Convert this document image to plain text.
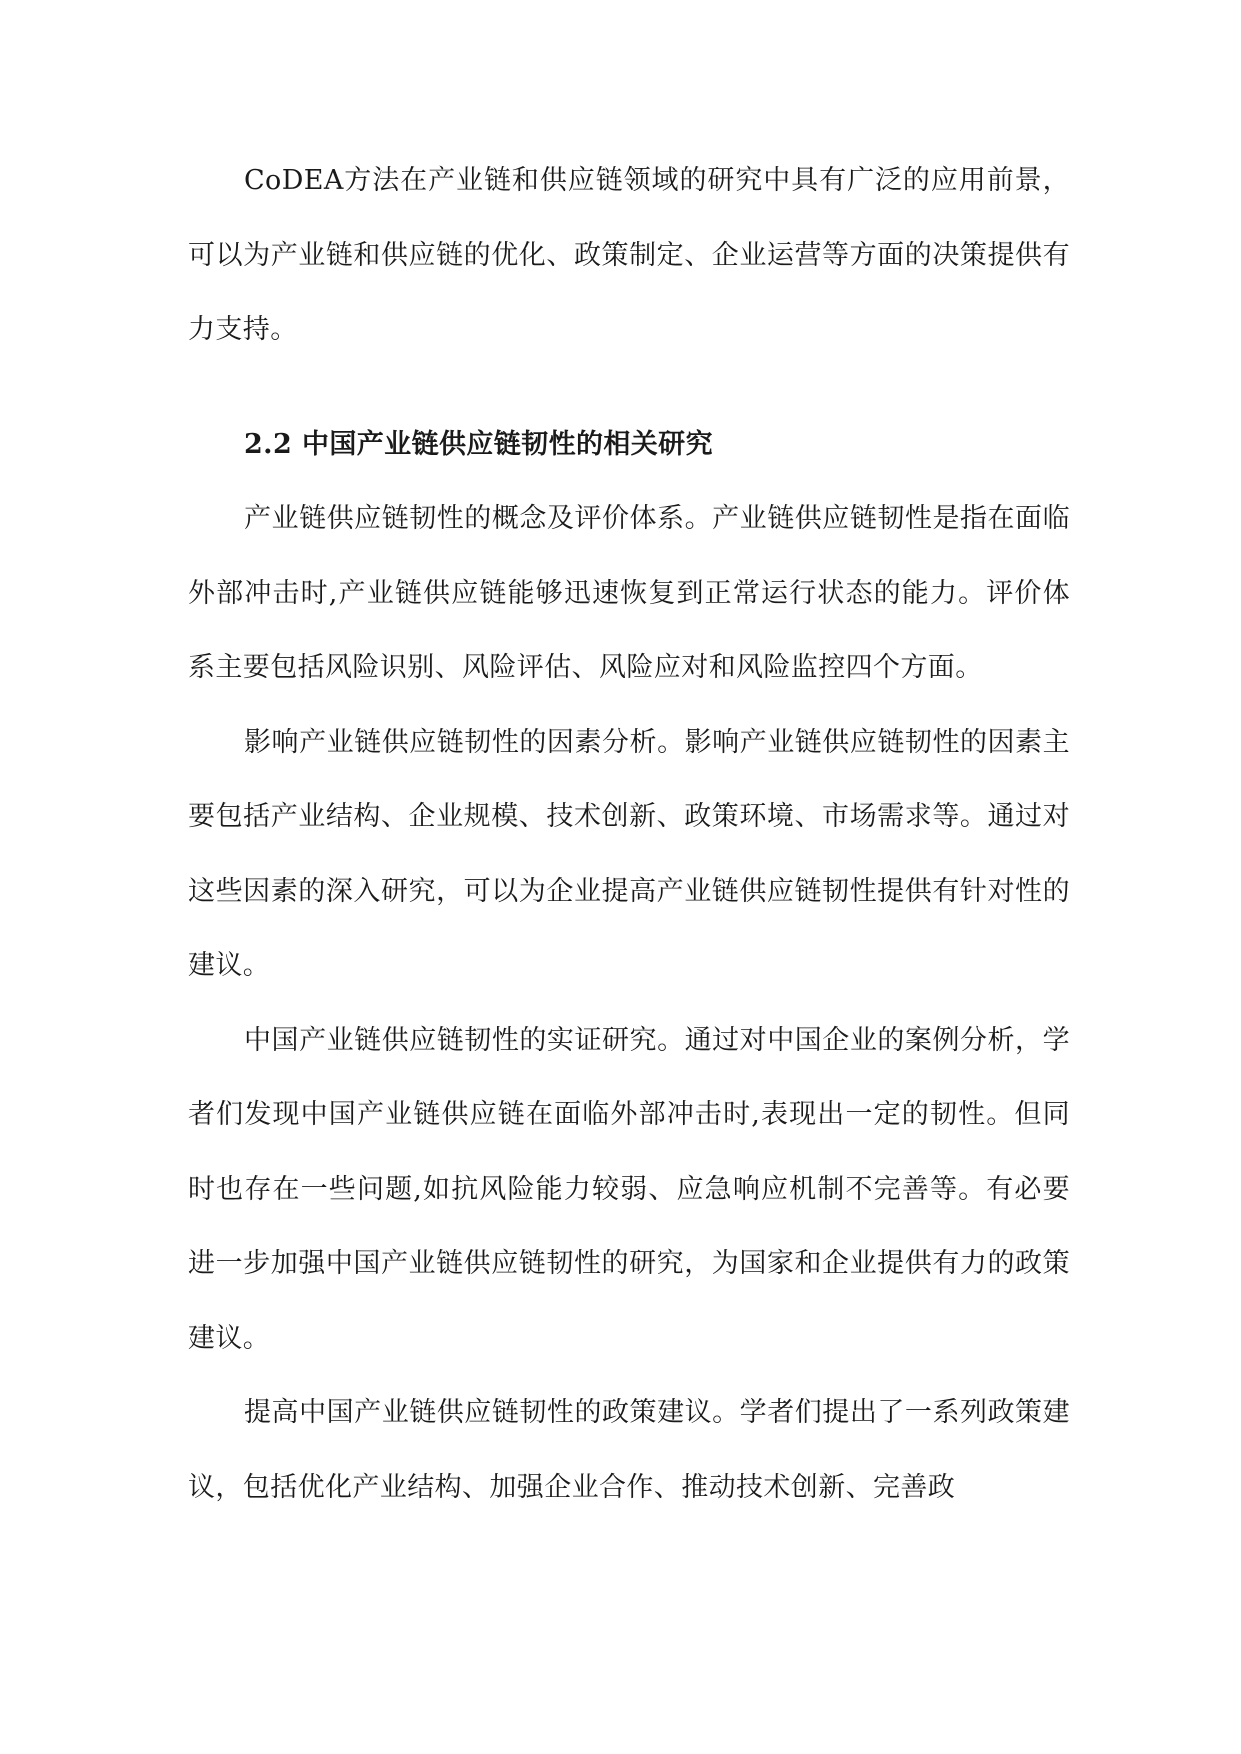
CoDEA方法在产业链和供应链领域的研究中具有广泛的应用前景，可以为产业链和供应链的优化、政策制定、企业运营等方面的决策提供有力支持。

2.2 中国产业链供应链韧性的相关研究

产业链供应链韧性的概念及评价体系。产业链供应链韧性是指在面临外部冲击时,产业链供应链能够迅速恢复到正常运行状态的能力。评价体系主要包括风险识别、风险评估、风险应对和风险监控四个方面。

影响产业链供应链韧性的因素分析。影响产业链供应链韧性的因素主要包括产业结构、企业规模、技术创新、政策环境、市场需求等。通过对这些因素的深入研究，可以为企业提高产业链供应链韧性提供有针对性的建议。

中国产业链供应链韧性的实证研究。通过对中国企业的案例分析，学者们发现中国产业链供应链在面临外部冲击时,表现出一定的韧性。但同时也存在一些问题,如抗风险能力较弱、应急响应机制不完善等。有必要进一步加强中国产业链供应链韧性的研究，为国家和企业提供有力的政策建议。

提高中国产业链供应链韧性的政策建议。学者们提出了一系列政策建议，包括优化产业结构、加强企业合作、推动技术创新、完善政
